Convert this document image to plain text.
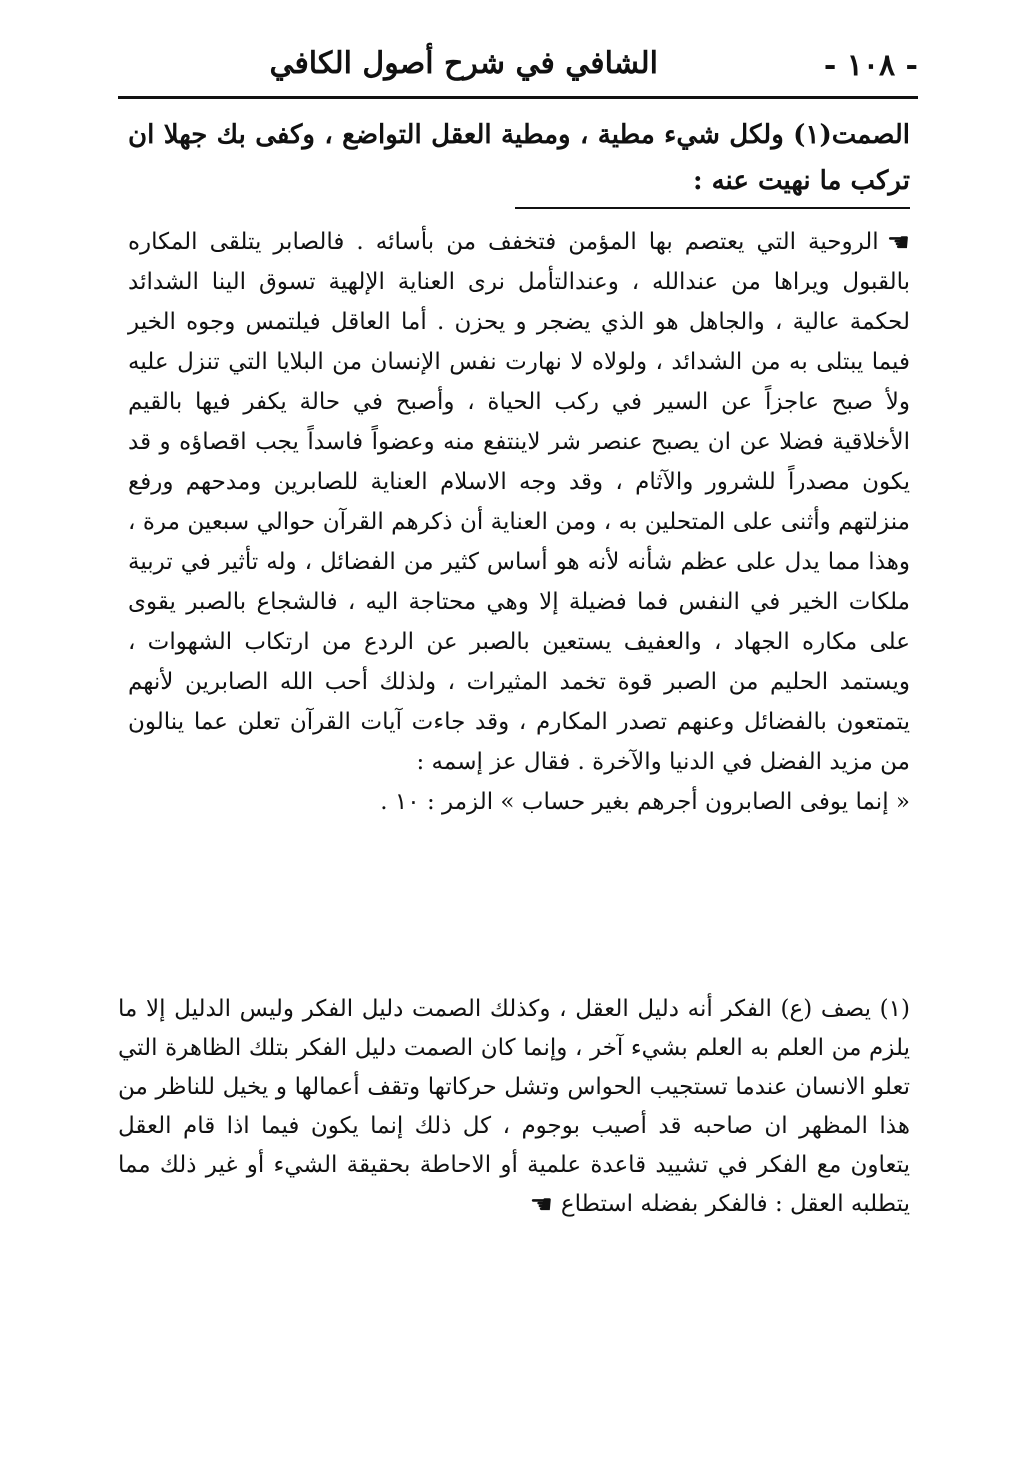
- ١٠٨ -
الشافي في شرح أصول الكافي
الصمت(١) ولكل شيء مطية ، ومطية العقل التواضع ، وكفى بك جهلا ان تركب ما نهيت عنه :

☚الروحية التي يعتصم بها المؤمن فتخفف من بأسائه . فالصابر يتلقى المكاره بالقبول ويراها من عندالله ، وعندالتأمل نرى العناية الإلهية تسوق الينا الشدائد لحكمة عالية ، والجاهل هو الذي يضجر و يحزن . أما العاقل فيلتمس وجوه الخير فيما يبتلى به من الشدائد ، ولولاه لا نهارت نفس الإنسان من البلايا التي تنزل عليه ولأ صبح عاجزاً عن السير في ركب الحياة ، وأصبح في حالة يكفر فيها بالقيم الأخلاقية فضلا عن ان يصبح عنصر شر لاينتفع منه وعضواً فاسداً يجب اقصاؤه و قد يكون مصدراً للشرور والآثام ، وقد وجه الاسلام العناية للصابرين ومدحهم ورفع منزلتهم وأثنى على المتحلين به ، ومن العناية أن ذكرهم القرآن حوالي سبعين مرة ، وهذا مما يدل على عظم شأنه لأنه هو أساس كثير من الفضائل ، وله تأثير في تربية ملكات الخير في النفس فما فضيلة إلا وهي محتاجة اليه ، فالشجاع بالصبر يقوى على مكاره الجهاد ، والعفيف يستعين بالصبر عن الردع من ارتكاب الشهوات ، ويستمد الحليم من الصبر قوة تخمد المثيرات ، ولذلك أحب الله الصابرين لأنهم يتمتعون بالفضائل وعنهم تصدر المكارم ، وقد جاءت آيات القرآن تعلن عما ينالون من مزيد الفضل في الدنيا والآخرة . فقال عز إسمه :

« إنما يوفى الصابرون أجرهم بغير حساب » الزمر : ١٠ .

(١) يصف (ع) الفكر أنه دليل العقل ، وكذلك الصمت دليل الفكر وليس الدليل إلا ما يلزم من العلم به العلم بشيء آخر ، وإنما كان الصمت دليل الفكر بتلك الظاهرة التي تعلو الانسان عندما تستجيب الحواس وتشل حركاتها وتقف أعمالها و يخيل للناظر من هذا المظهر ان صاحبه قد أصيب بوجوم ، كل ذلك إنما يكون فيما اذا قام العقل يتعاون مع الفكر في تشييد قاعدة علمية أو الاحاطة بحقيقة الشيء أو غير ذلك مما يتطلبه العقل : فالفكر بفضله استطاع☚
